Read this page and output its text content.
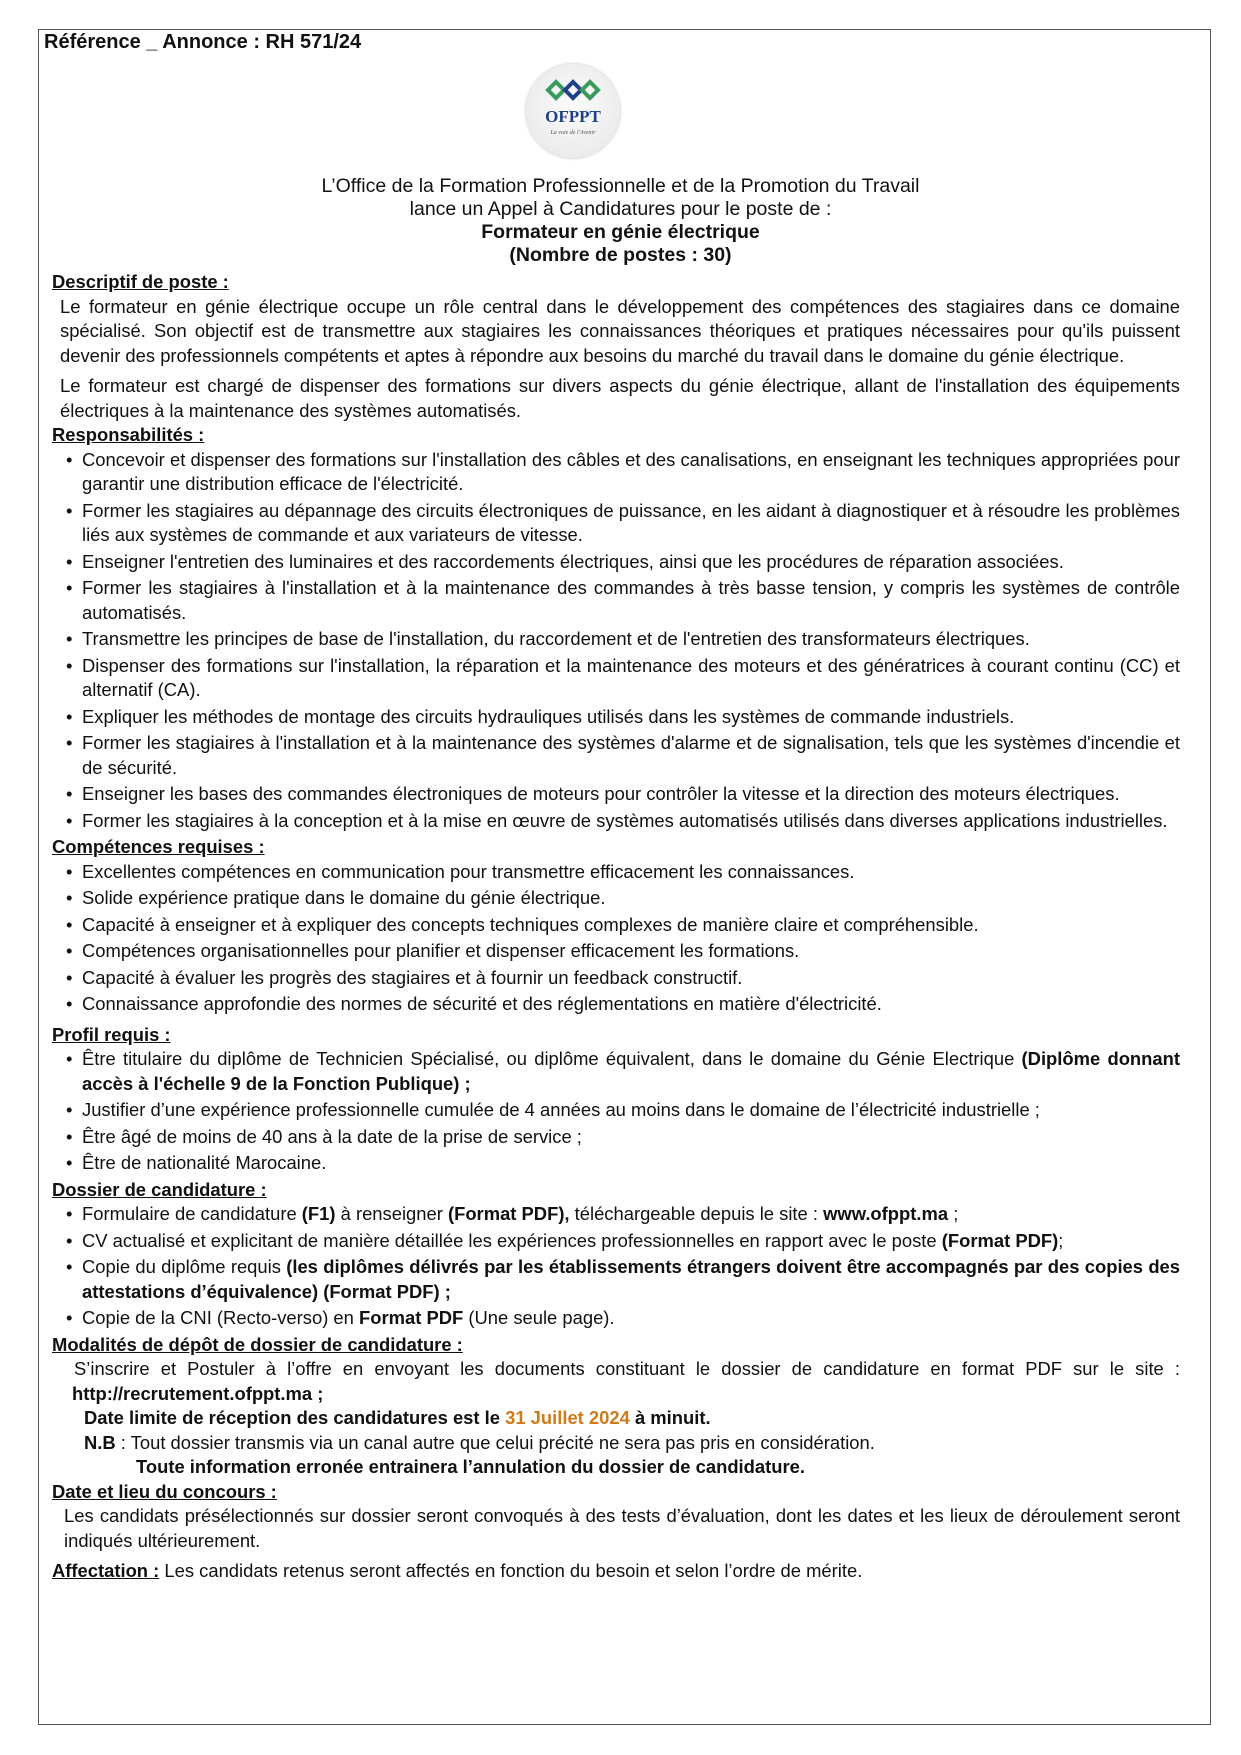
Référence _ Annonce : RH 571/24
OFPPT
La voie de l'Avenir
L’Office de la Formation Professionnelle et de la Promotion du Travail
lance un Appel à Candidatures pour le poste de :
Formateur en génie électrique
(Nombre de postes : 30)
Descriptif de poste :

Le formateur en génie électrique occupe un rôle central dans le développement des compétences des stagiaires dans ce domaine spécialisé. Son objectif est de transmettre aux stagiaires les connaissances théoriques et pratiques nécessaires pour qu'ils puissent devenir des professionnels compétents et aptes à répondre aux besoins du marché du travail dans le domaine du génie électrique.

Le formateur est chargé de dispenser des formations sur divers aspects du génie électrique, allant de l'installation des équipements électriques à la maintenance des systèmes automatisés.

Responsabilités :
• Concevoir et dispenser des formations sur l'installation des câbles et des canalisations, en enseignant les techniques appropriées pour garantir une distribution efficace de l'électricité.
• Former les stagiaires au dépannage des circuits électroniques de puissance, en les aidant à diagnostiquer et à résoudre les problèmes liés aux systèmes de commande et aux variateurs de vitesse.
• Enseigner l'entretien des luminaires et des raccordements électriques, ainsi que les procédures de réparation associées.
• Former les stagiaires à l'installation et à la maintenance des commandes à très basse tension, y compris les systèmes de contrôle automatisés.
• Transmettre les principes de base de l'installation, du raccordement et de l'entretien des transformateurs électriques.
• Dispenser des formations sur l'installation, la réparation et la maintenance des moteurs et des génératrices à courant continu (CC) et alternatif (CA).
• Expliquer les méthodes de montage des circuits hydrauliques utilisés dans les systèmes de commande industriels.
• Former les stagiaires à l'installation et à la maintenance des systèmes d'alarme et de signalisation, tels que les systèmes d'incendie et de sécurité.
• Enseigner les bases des commandes électroniques de moteurs pour contrôler la vitesse et la direction des moteurs électriques.
• Former les stagiaires à la conception et à la mise en œuvre de systèmes automatisés utilisés dans diverses applications industrielles.
Compétences requises :
• Excellentes compétences en communication pour transmettre efficacement les connaissances.
• Solide expérience pratique dans le domaine du génie électrique.
• Capacité à enseigner et à expliquer des concepts techniques complexes de manière claire et compréhensible.
• Compétences organisationnelles pour planifier et dispenser efficacement les formations.
• Capacité à évaluer les progrès des stagiaires et à fournir un feedback constructif.
• Connaissance approfondie des normes de sécurité et des réglementations en matière d'électricité.
Profil requis :
• Être titulaire du diplôme de Technicien Spécialisé, ou diplôme équivalent, dans le domaine du Génie Electrique (Diplôme donnant accès à l'échelle 9 de la Fonction Publique) ;
• Justifier d’une expérience professionnelle cumulée de 4 années au moins dans le domaine de l’électricité industrielle ;
• Être âgé de moins de 40 ans à la date de la prise de service ;
• Être de nationalité Marocaine.
Dossier de candidature :
• Formulaire de candidature (F1) à renseigner (Format PDF), téléchargeable depuis le site : www.ofppt.ma ;
• CV actualisé et explicitant de manière détaillée les expériences professionnelles en rapport avec le poste (Format PDF);
• Copie du diplôme requis (les diplômes délivrés par les établissements étrangers doivent être accompagnés par des copies des attestations d’équivalence) (Format PDF) ;
• Copie de la CNI (Recto-verso) en Format PDF (Une seule page).
Modalités de dépôt de dossier de candidature :
S’inscrire et Postuler à l’offre en envoyant les documents constituant le dossier de candidature en format PDF sur le site : http://recrutement.ofppt.ma ;
Date limite de réception des candidatures est le 31 Juillet 2024 à minuit.
N.B : Tout dossier transmis via un canal autre que celui précité ne sera pas pris en considération.
Toute information erronée entrainera l’annulation du dossier de candidature.
Date et lieu du concours :

Les candidats présélectionnés sur dossier seront convoqués à des tests d’évaluation, dont les dates et les lieux de déroulement seront indiqués ultérieurement.

Affectation : Les candidats retenus seront affectés en fonction du besoin et selon l’ordre de mérite.
